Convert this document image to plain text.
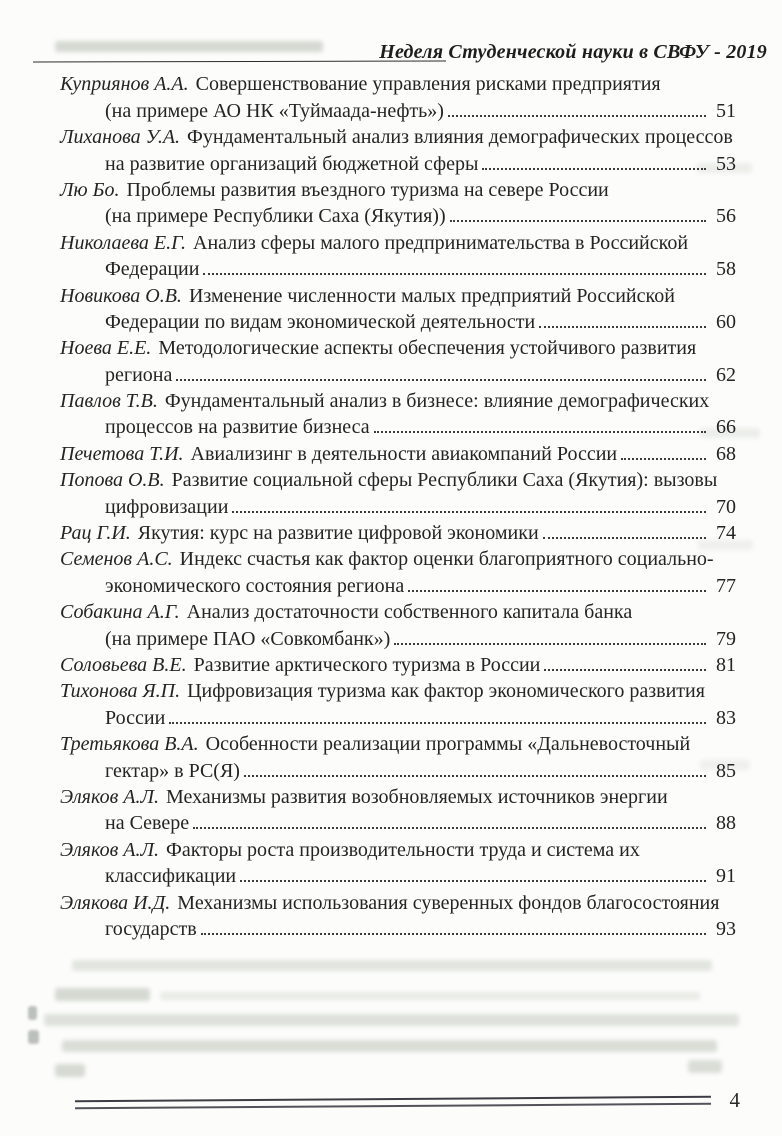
Неделя Студенческой науки в СВФУ - 2019
Куприянов А.А. Совершенствование управления рисками предприятия
(на примере АО НК «Туймаада-нефть»)	51
Лиханова У.А. Фундаментальный анализ влияния демографических процессов
на развитие организаций бюджетной сферы	53
Лю Бо. Проблемы развития въездного туризма на севере России
(на примере Республики Саха (Якутия))	56
Николаева Е.Г. Анализ сферы малого предпринимательства в Российской
Федерации	58
Новикова О.В. Изменение численности малых предприятий Российской
Федерации по видам экономической деятельности	60
Ноева Е.Е. Методологические аспекты обеспечения устойчивого развития
региона	62
Павлов Т.В. Фундаментальный анализ в бизнесе: влияние демографических
процессов на развитие бизнеса	66
Печетова Т.И. Авиализинг в деятельности авиакомпаний России	68
Попова О.В. Развитие социальной сферы Республики Саха (Якутия): вызовы
цифровизации	70
Рац Г.И. Якутия: курс на развитие цифровой экономики	74
Семенов А.С. Индекс счастья как фактор оценки благоприятного социально-
экономического состояния региона	77
Собакина А.Г. Анализ достаточности собственного капитала банка
(на примере ПАО «Совкомбанк»)	79
Соловьева В.Е. Развитие арктического туризма в России	81
Тихонова Я.П. Цифровизация туризма как фактор экономического развития
России	83
Третьякова В.А. Особенности реализации программы «Дальневосточный
гектар» в РС(Я)	85
Эляков А.Л. Механизмы развития возобновляемых источников энергии
на Севере	88
Эляков А.Л. Факторы роста производительности труда и система их
классификации	91
Элякова И.Д. Механизмы использования суверенных фондов благосостояния
государств	93
4
